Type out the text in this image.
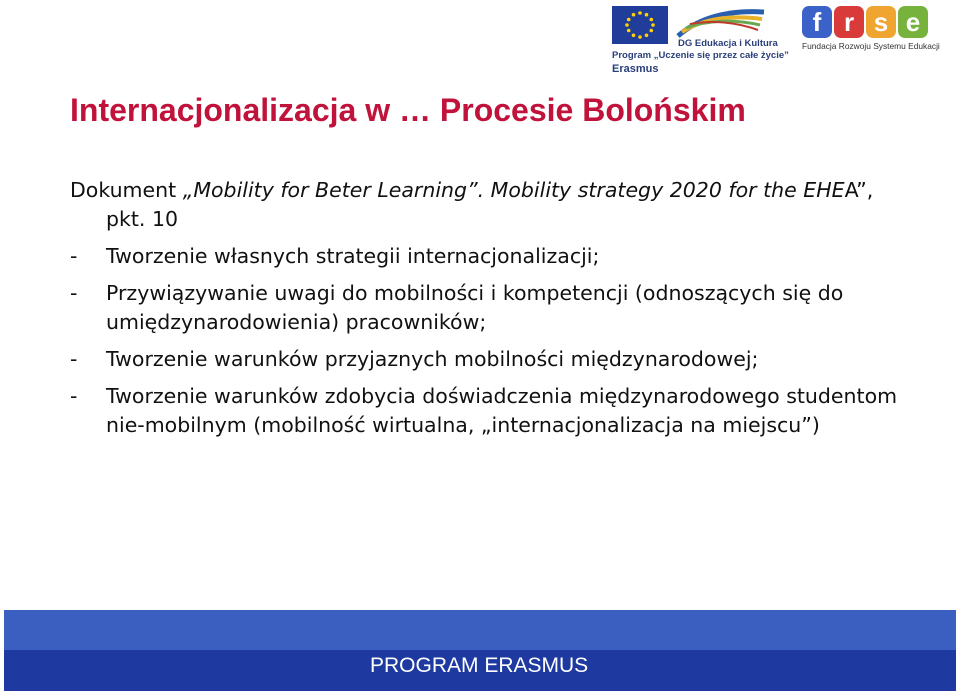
DG Edukacja i Kultura
Program „Uczenie się przez całe życie”
Erasmus
f r s e
Fundacja Rozwoju Systemu Edukacji
Internacjonalizacja w … Procesie Bolońskim

Dokument „Mobility for Beter Learning”. Mobility strategy 2020 for the EHEA”, pkt. 10

-	Tworzenie własnych strategii internacjonalizacji;
-	Przywiązywanie uwagi do mobilności i kompetencji (odnoszących się do umiędzynarodowienia) pracowników;
-	Tworzenie warunków przyjaznych mobilności międzynarodowej;
-	Tworzenie warunków zdobycia doświadczenia międzynarodowego studentom nie-mobilnym (mobilność wirtualna, „internacjonalizacja na miejscu”)
PROGRAM ERASMUS
